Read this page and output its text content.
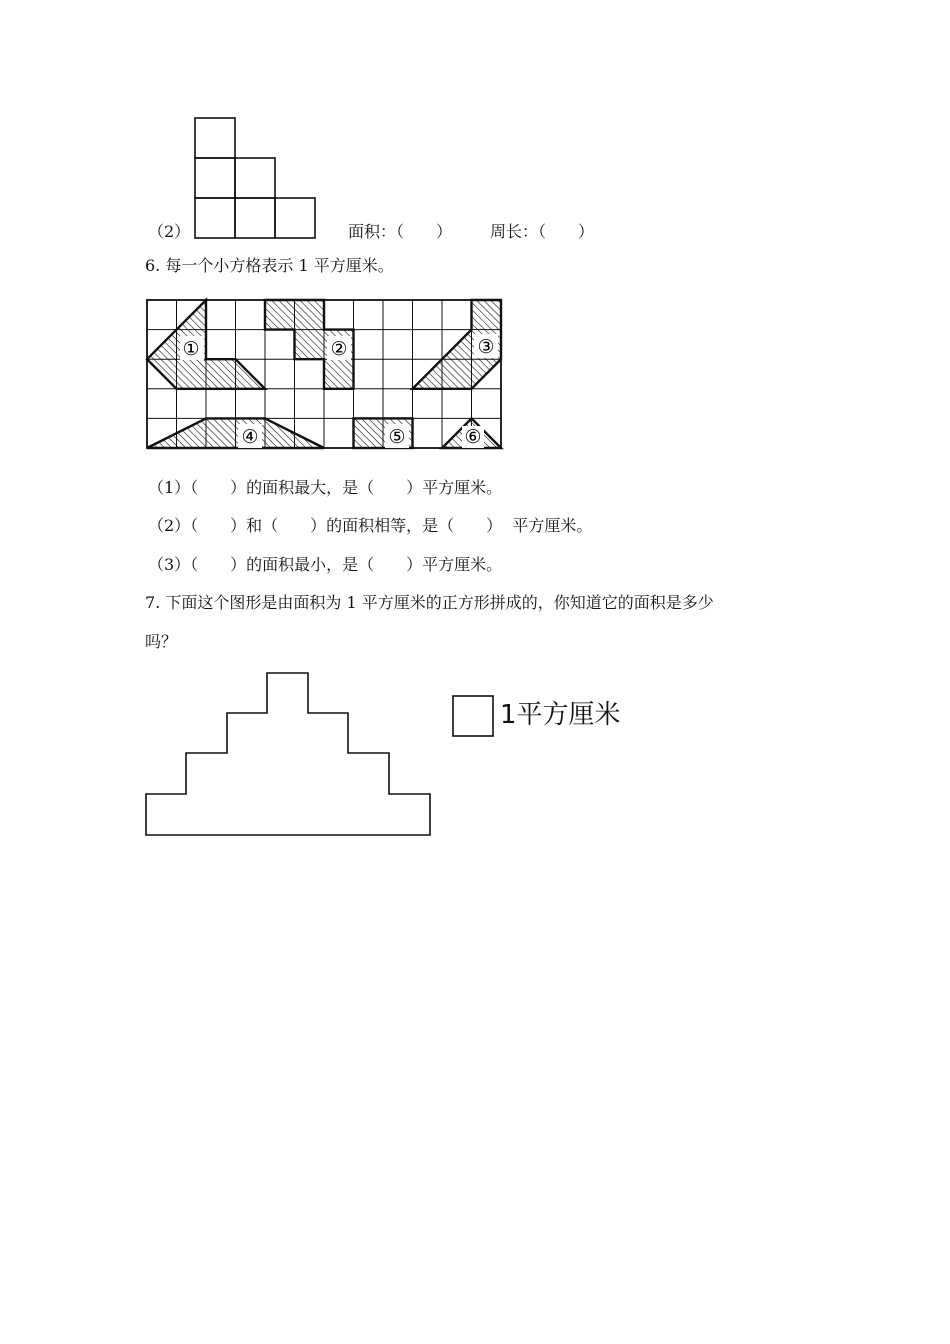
（2）	面积：（　　） 周长：（　　）
6. 每一个小方格表示 1 平方厘米。
①	②	③
④	⑤	⑥
（1）（　　）的面积最大，是（　　）平方厘米。
（2）（　　）和（　　）的面积相等，是（　　）  平方厘米。
（3）（　　）的面积最小，是（　　）平方厘米。
7. 下面这个图形是由面积为 1 平方厘米的正方形拼成的，你知道它的面积是多少
吗？
1平方厘米
